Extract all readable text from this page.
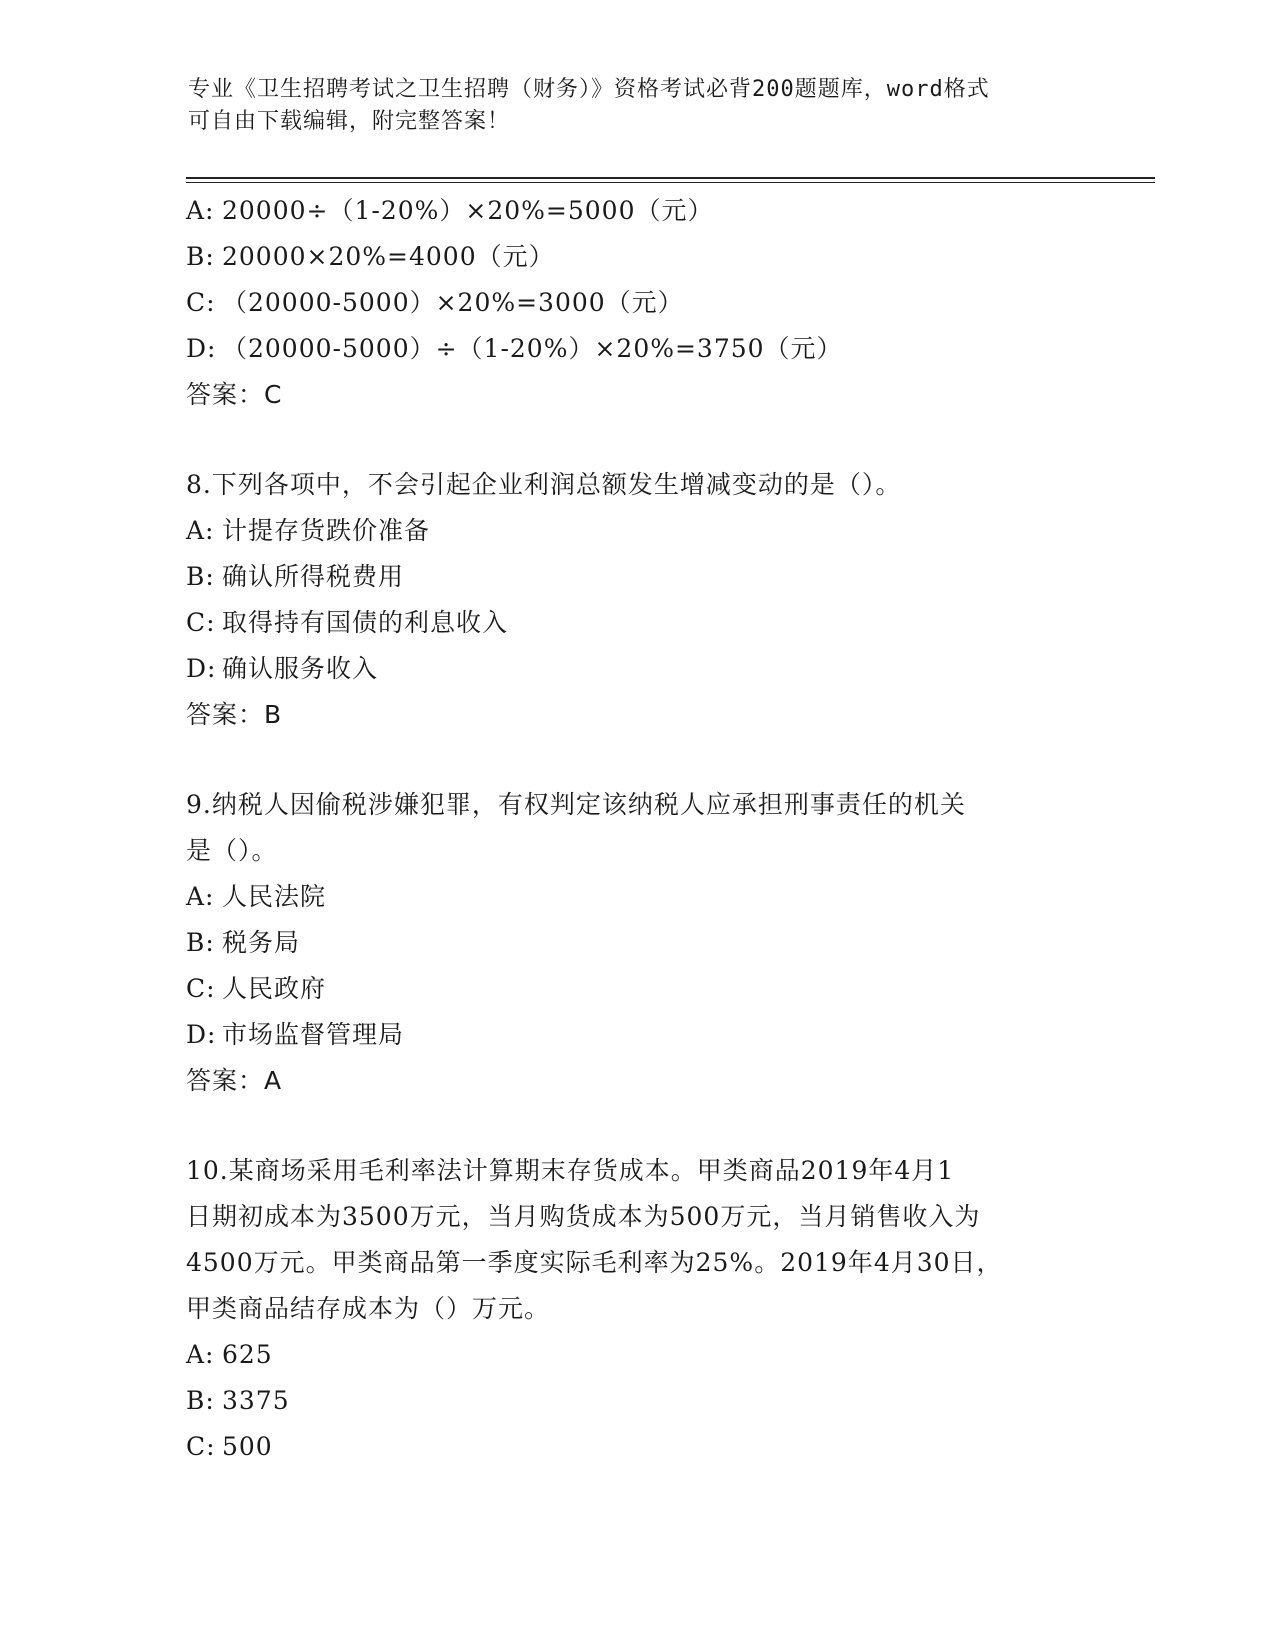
专业《卫生招聘考试之卫生招聘（财务）》资格考试必背200题题库，word格式
可自由下载编辑，附完整答案！
A: 20000÷（1-20%）×20%=5000（元）
B: 20000×20%=4000（元）
C: （20000-5000）×20%=3000（元）
D: （20000-5000）÷（1-20%）×20%=3750（元）
答案：C
8.下列各项中，不会引起企业利润总额发生增减变动的是（）。
A: 计提存货跌价准备
B: 确认所得税费用
C: 取得持有国债的利息收入
D: 确认服务收入
答案：B
9.纳税人因偷税涉嫌犯罪，有权判定该纳税人应承担刑事责任的机关
是（）。
A: 人民法院
B: 税务局
C: 人民政府
D: 市场监督管理局
答案：A
10.某商场采用毛利率法计算期末存货成本。甲类商品2019年4月1
日期初成本为3500万元，当月购货成本为500万元，当月销售收入为
4500万元。甲类商品第一季度实际毛利率为25%。2019年4月30日，
甲类商品结存成本为（）万元。
A: 625
B: 3375
C: 500
